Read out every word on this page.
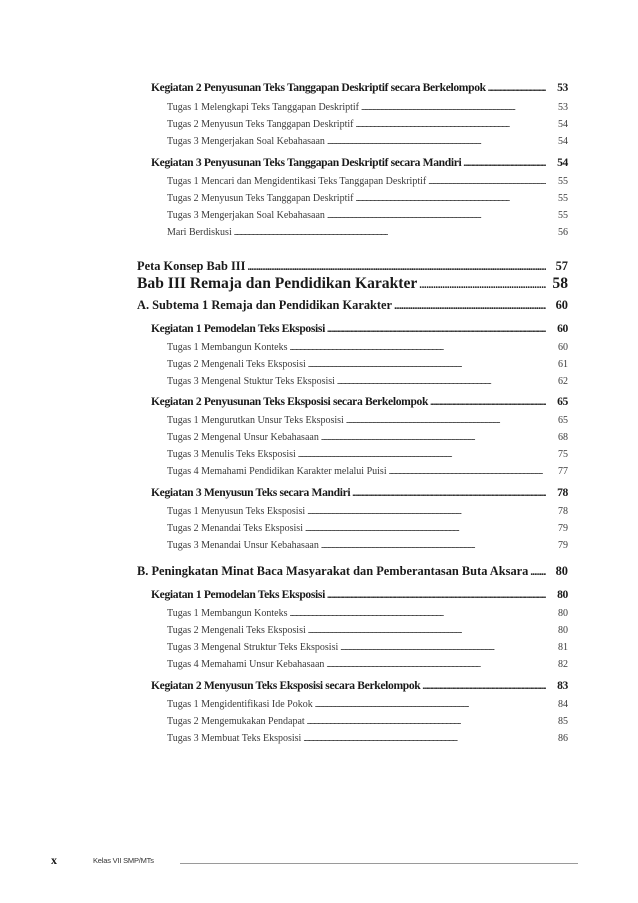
Kegiatan 2 Penyusunan Teks Tanggapan Deskriptif secara Berkelompok . . .	53
Tugas 1 Melengkapi Teks Tanggapan Deskriptif . . .	53
Tugas 2 Menyusun Teks Tanggapan Deskriptif . . .	54
Tugas 3 Mengerjakan Soal Kebahasaan . . .	54
Kegiatan 3 Penyusunan Teks Tanggapan Deskriptif secara Mandiri . . .	54
Tugas 1 Mencari dan Mengidentikasi Teks Tanggapan Deskriptif . . .	55
Tugas 2 Menyusun Teks Tanggapan Deskriptif . . .	55
Tugas 3 Mengerjakan Soal Kebahasaan . . .	55
Mari Berdiskusi . . .	56
Peta Konsep Bab III . . .	57
Bab III Remaja dan Pendidikan Karakter . . .	58
A. Subtema 1 Remaja dan Pendidikan Karakter . . .	60
Kegiatan 1 Pemodelan Teks Eksposisi . . .	60
Tugas 1 Membangun Konteks . . .	60
Tugas 2 Mengenali Teks Eksposisi . . .	61
Tugas 3 Mengenal Stuktur Teks Eksposisi . . .	62
Kegiatan 2 Penyusunan Teks Eksposisi secara Berkelompok . . .	65
Tugas 1 Mengurutkan Unsur Teks Eksposisi . . .	65
Tugas 2 Mengenal Unsur Kebahasaan . . .	68
Tugas 3 Menulis Teks Eksposisi . . .	75
Tugas 4 Memahami Pendidikan Karakter melalui Puisi . . .	77
Kegiatan 3 Menyusun Teks secara Mandiri . . .	78
Tugas 1 Menyusun Teks Eksposisi . . .	78
Tugas 2 Menandai Teks Eksposisi . . .	79
Tugas 3 Menandai Unsur Kebahasaan . . .	79
B. Peningkatan Minat Baca Masyarakat dan Pemberantasan Buta Aksara . . .	80
Kegiatan 1 Pemodelan Teks Eksposisi . . .	80
Tugas 1 Membangun Konteks . . .	80
Tugas 2 Mengenali Teks Eksposisi . . .	80
Tugas 3 Mengenal Struktur Teks Eksposisi . . .	81
Tugas 4 Memahami Unsur Kebahasaan . . .	82
Kegiatan 2 Menyusun Teks Eksposisi secara Berkelompok . . .	83
Tugas 1 Mengidentifikasi Ide Pokok . . .	84
Tugas 2 Mengemukakan Pendapat . . .	85
Tugas 3 Membuat Teks Eksposisi . . .	86
x	Kelas VII SMP/MTs
